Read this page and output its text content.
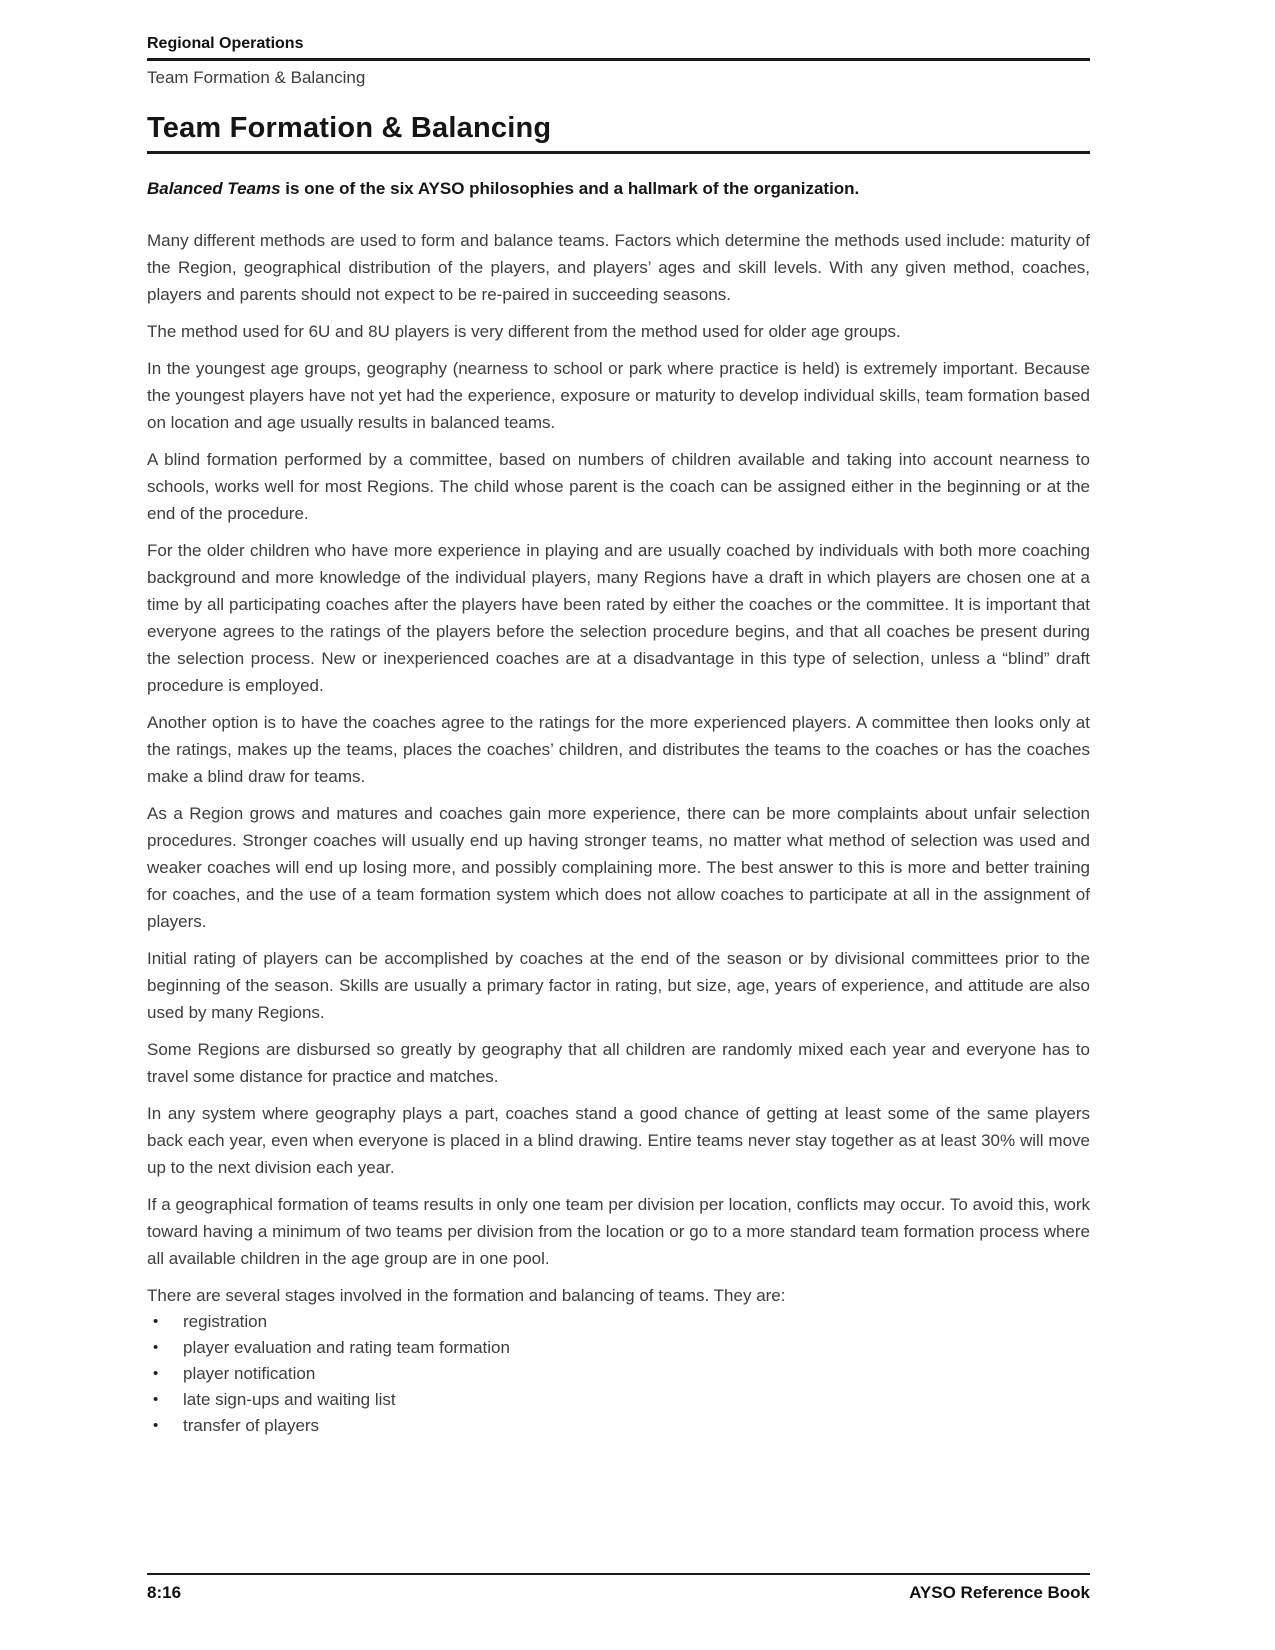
Regional Operations
Team Formation & Balancing
Team Formation & Balancing

Balanced Teams is one of the six AYSO philosophies and a hallmark of the organization.

Many different methods are used to form and balance teams. Factors which determine the methods used include: maturity of the Region, geographical distribution of the players, and players’ ages and skill levels. With any given method, coaches, players and parents should not expect to be re-paired in succeeding seasons.

The method used for 6U and 8U players is very different from the method used for older age groups.

In the youngest age groups, geography (nearness to school or park where practice is held) is extremely important. Because the youngest players have not yet had the experience, exposure or maturity to develop individual skills, team formation based on location and age usually results in balanced teams.

A blind formation performed by a committee, based on numbers of children available and taking into account nearness to schools, works well for most Regions. The child whose parent is the coach can be assigned either in the beginning or at the end of the procedure.

For the older children who have more experience in playing and are usually coached by individuals with both more coaching background and more knowledge of the individual players, many Regions have a draft in which players are chosen one at a time by all participating coaches after the players have been rated by either the coaches or the committee. It is important that everyone agrees to the ratings of the players before the selection procedure begins, and that all coaches be present during the selection process. New or inexperienced coaches are at a disadvantage in this type of selection, unless a “blind” draft procedure is employed.

Another option is to have the coaches agree to the ratings for the more experienced players. A committee then looks only at the ratings, makes up the teams, places the coaches’ children, and distributes the teams to the coaches or has the coaches make a blind draw for teams.

As a Region grows and matures and coaches gain more experience, there can be more complaints about unfair selection procedures. Stronger coaches will usually end up having stronger teams, no matter what method of selection was used and weaker coaches will end up losing more, and possibly complaining more. The best answer to this is more and better training for coaches, and the use of a team formation system which does not allow coaches to participate at all in the assignment of players.

Initial rating of players can be accomplished by coaches at the end of the season or by divisional committees prior to the beginning of the season. Skills are usually a primary factor in rating, but size, age, years of experience, and attitude are also used by many Regions.

Some Regions are disbursed so greatly by geography that all children are randomly mixed each year and everyone has to travel some distance for practice and matches.

In any system where geography plays a part, coaches stand a good chance of getting at least some of the same players back each year, even when everyone is placed in a blind drawing. Entire teams never stay together as at least 30% will move up to the next division each year.

If a geographical formation of teams results in only one team per division per location, conflicts may occur. To avoid this, work toward having a minimum of two teams per division from the location or go to a more standard team formation process where all available children in the age group are in one pool.

There are several stages involved in the formation and balancing of teams. They are:

• registration
• player evaluation and rating team formation
• player notification
• late sign-ups and waiting list
• transfer of players
8:16	AYSO Reference Book
